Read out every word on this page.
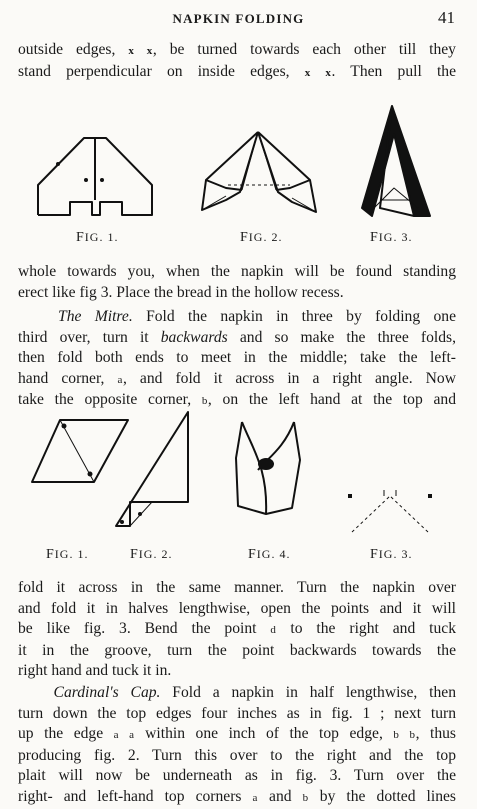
NAPKIN FOLDING	41
outside edges, x x, be turned towards each other till they
stand perpendicular on inside edges, x x. Then pull the
FIG. 1.	FIG. 2.	FIG. 3.
whole towards you, when the napkin will be found standing
erect like fig 3. Place the bread in the hollow recess.
The Mitre. Fold the napkin in three by folding one
third over, turn it backwards and so make the three folds,
then fold both ends to meet in the middle; take the left-
hand corner, a, and fold it across in a right angle. Now
take the opposite corner, b, on the left hand at the top and
FIG. 1.	FIG. 2.	FIG. 4.	FIG. 3.
fold it across in the same manner. Turn the napkin over
and fold it in halves lengthwise, open the points and it will
be like fig. 3. Bend the point d to the right and tuck
it in the groove, turn the point backwards towards the
right hand and tuck it in.
Cardinal's Cap. Fold a napkin in half lengthwise, then
turn down the top edges four inches as in fig. 1 ; next turn
up the edge a a within one inch of the top edge, b b, thus
producing fig. 2. Turn this over to the right and the top
plait will now be underneath as in fig. 3. Turn over the
right- and left-hand top corners a and b by the dotted lines
